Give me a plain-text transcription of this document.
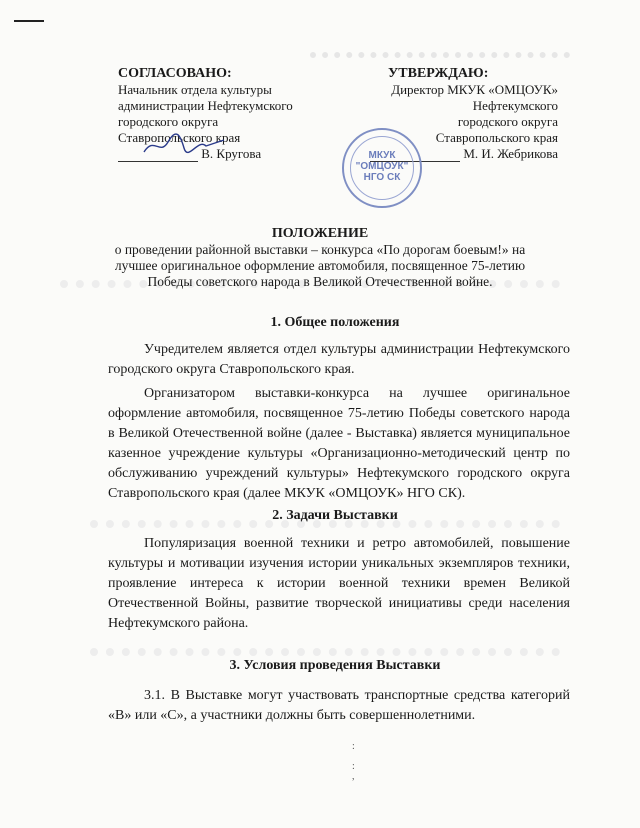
СОГЛАСОВАНО:
Начальник отдела культуры
администрации Нефтекумского
городского округа
Ставропольского края
В. Кругова
УТВЕРЖДАЮ:
Директор МКУК «ОМЦОУК»
Нефтекумского
городского округа
Ставропольского края
М. И. Жебрикова
МКУК
"ОМЦОУК"
НГО СК
ПОЛОЖЕНИЕ
о проведении районной выставки – конкурса «По дорогам боевым!» на лучшее оригинальное оформление автомобиля, посвященное 75-летию Победы советского народа в Великой Отечественной войне.
1. Общее положения
Учредителем является отдел культуры администрации Нефтекумского городского округа Ставропольского края.
Организатором выставки-конкурса на лучшее оригинальное оформление автомобиля, посвященное 75-летию Победы советского народа в Великой Отечественной войне (далее - Выставка) является муниципальное казенное учреждение культуры «Организационно-методический центр по обслуживанию учреждений культуры» Нефтекумского городского округа Ставропольского края (далее МКУК «ОМЦОУК» НГО СК).
2. Задачи Выставки
Популяризация военной техники и ретро автомобилей, повышение культуры и мотивации изучения истории уникальных экземпляров техники, проявление интереса к истории военной техники времен Великой Отечественной Войны, развитие творческой инициативы среди населения Нефтекумского района.
3. Условия проведения Выставки
3.1. В Выставке могут участвовать транспортные средства категорий «В» или «С», а участники должны быть совершеннолетними.
:

:
,
